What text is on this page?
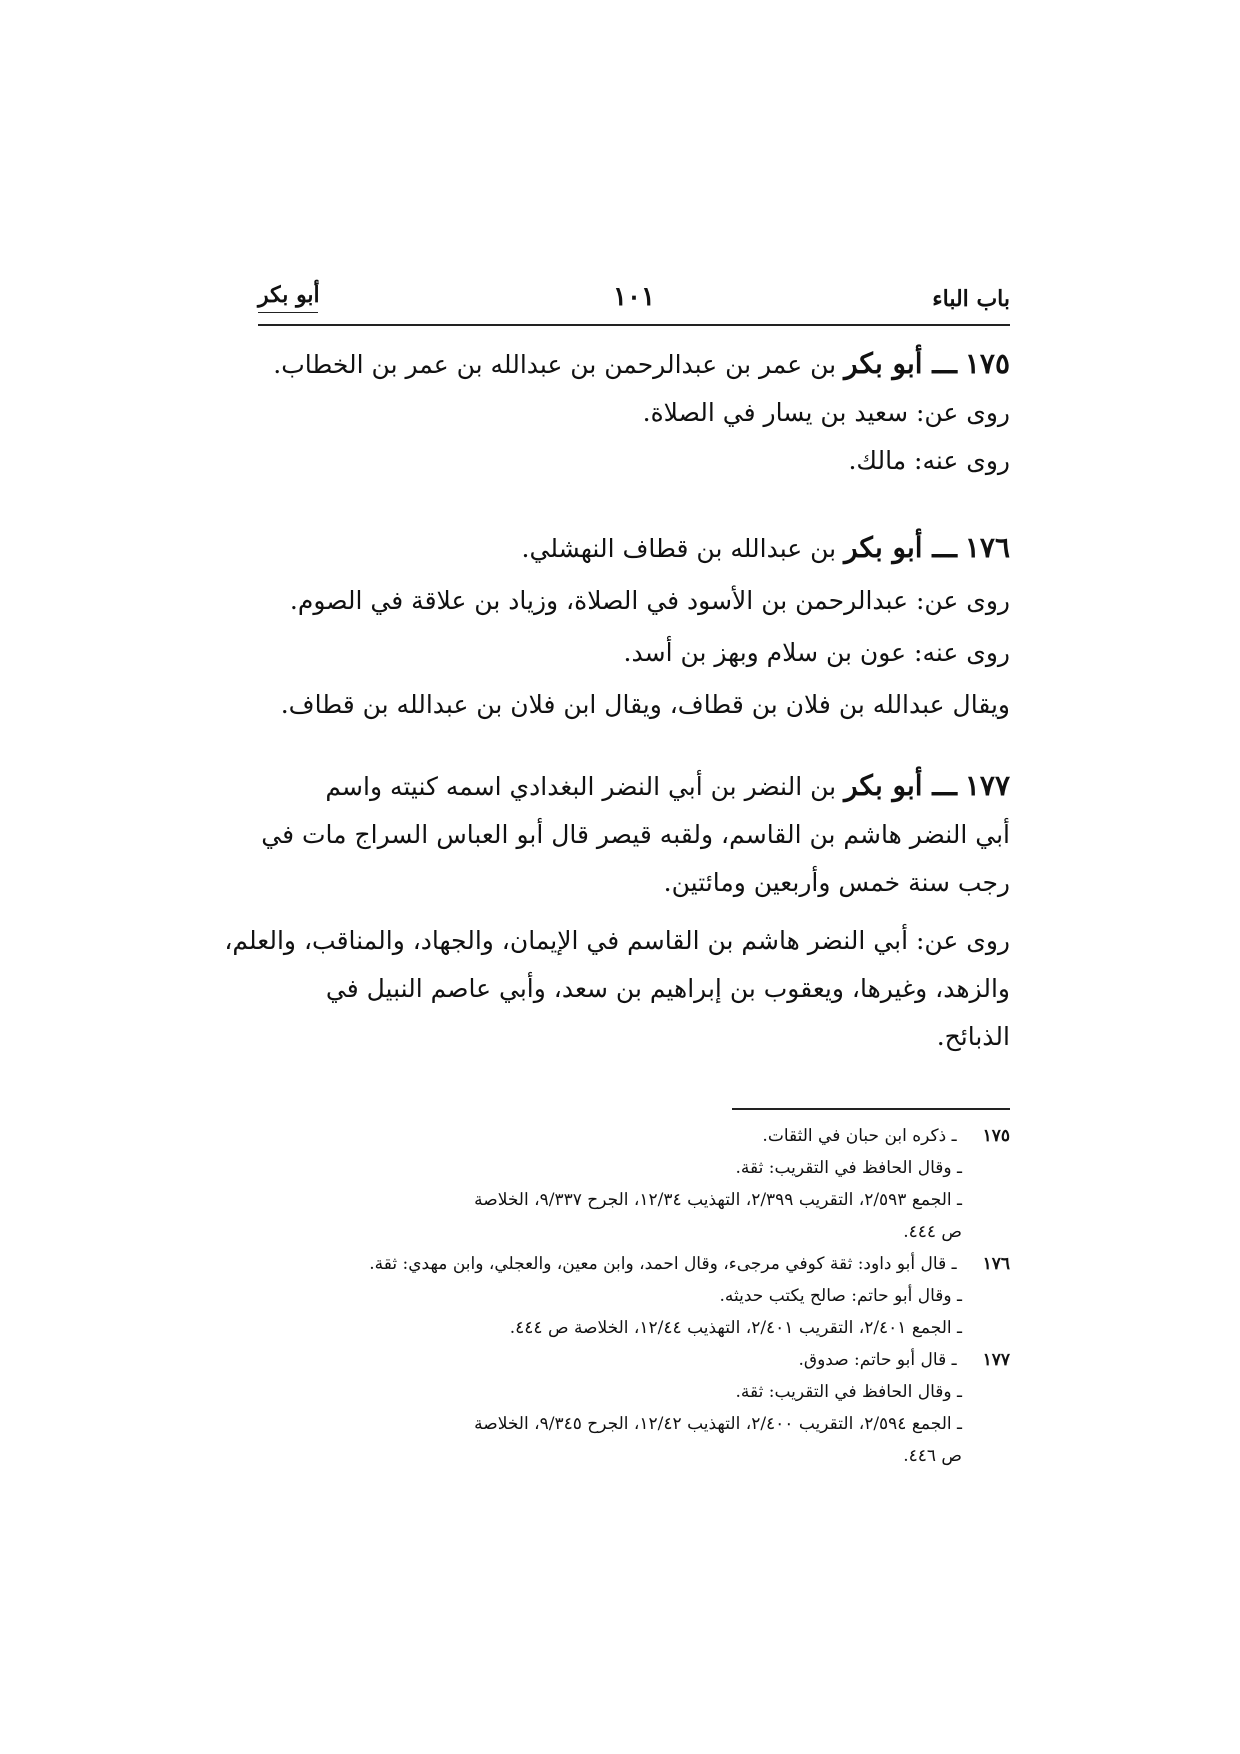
باب الباء
١٠١
أبو بكر
١٧٥ ـــ أبو بكر بن عمر بن عبدالرحمن بن عبدالله بن عمر بن الخطاب.
روى عن: سعيد بن يسار في الصلاة.
روى عنه: مالك.
١٧٦ ـــ أبو بكر بن عبدالله بن قطاف النهشلي.
روى عن: عبدالرحمن بن الأسود في الصلاة، وزياد بن علاقة في الصوم.
روى عنه: عون بن سلام وبهز بن أسد.
ويقال عبدالله بن فلان بن قطاف، ويقال ابن فلان بن عبدالله بن قطاف.
١٧٧ ـــ أبو بكر بن النضر بن أبي النضر البغدادي اسمه كنيته واسم
أبي النضر هاشم بن القاسم، ولقبه قيصر قال أبو العباس السراج مات في
رجب سنة خمس وأربعين ومائتين.
روى عن: أبي النضر هاشم بن القاسم في الإيمان، والجهاد، والمناقب، والعلم،
والزهد، وغيرها، ويعقوب بن إبراهيم بن سعد، وأبي عاصم النبيل في
الذبائح.
١٧٥ ـ ذكره ابن حبان في الثقات.
ـ وقال الحافظ في التقريب: ثقة.
ـ الجمع ٢/٥٩٣، التقريب ٢/٣٩٩، التهذيب ١٢/٣٤، الجرح ٩/٣٣٧، الخلاصة
ص ٤٤٤.
١٧٦ ـ قال أبو داود: ثقة كوفي مرجىء، وقال احمد، وابن معين، والعجلي، وابن مهدي: ثقة.
ـ وقال أبو حاتم: صالح يكتب حديثه.
ـ الجمع ٢/٤٠١، التقريب ٢/٤٠١، التهذيب ١٢/٤٤، الخلاصة ص ٤٤٤.
١٧٧ ـ قال أبو حاتم: صدوق.
ـ وقال الحافظ في التقريب: ثقة.
ـ الجمع ٢/٥٩٤، التقريب ٢/٤٠٠، التهذيب ١٢/٤٢، الجرح ٩/٣٤٥، الخلاصة
ص ٤٤٦.
